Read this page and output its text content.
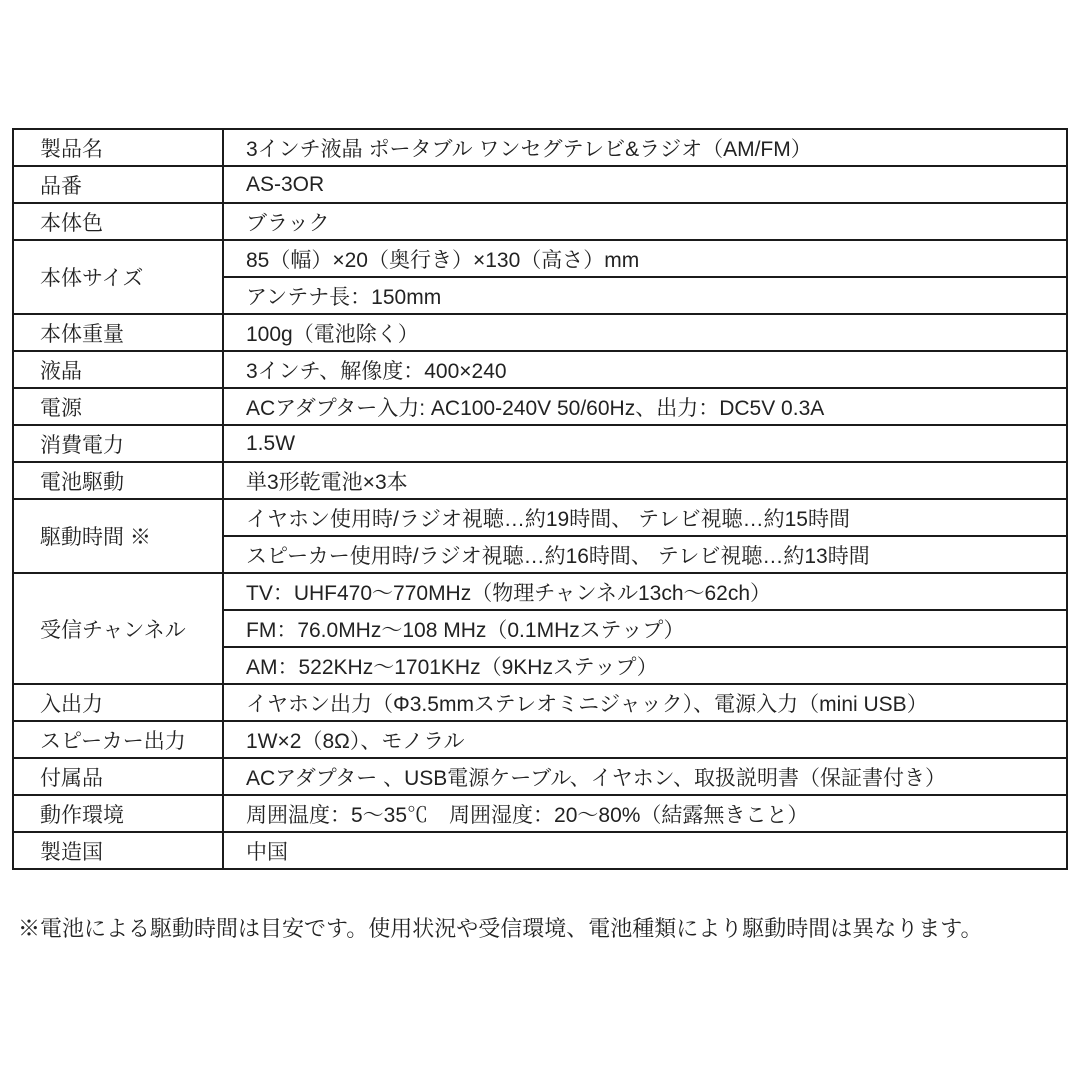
製品名	3インチ液晶 ポータブル ワンセグテレビ&ラジオ（AM/FM）
品番	AS-3OR
本体色	ブラック
本体サイズ	85（幅）×20（奥行き）×130（高さ）mm
	アンテナ長：150mm
本体重量	100g（電池除く）
液晶	3インチ、解像度：400×240
電源	ACアダプター入力: AC100-240V 50/60Hz、出力：DC5V 0.3A
消費電力	1.5W
電池駆動	単3形乾電池×3本
駆動時間 ※	イヤホン使用時/ラジオ視聴…約19時間、 テレビ視聴…約15時間
	スピーカー使用時/ラジオ視聴…約16時間、 テレビ視聴…約13時間
受信チャンネル	TV：UHF470〜770MHz（物理チャンネル13ch〜62ch）
	FM：76.0MHz〜108 MHz（0.1MHzステップ）
	AM：522KHz〜1701KHz（9KHzステップ）
入出力	イヤホン出力（Φ3.5mmステレオミニジャック）、電源入力（mini USB）
スピーカー出力	1W×2（8Ω）、モノラル
付属品	ACアダプター 、USB電源ケーブル、イヤホン、取扱説明書（保証書付き）
動作環境	周囲温度：5〜35℃　周囲湿度：20〜80%（結露無きこと）
製造国	中国
※電池による駆動時間は目安です。使用状況や受信環境、電池種類により駆動時間は異なります。
